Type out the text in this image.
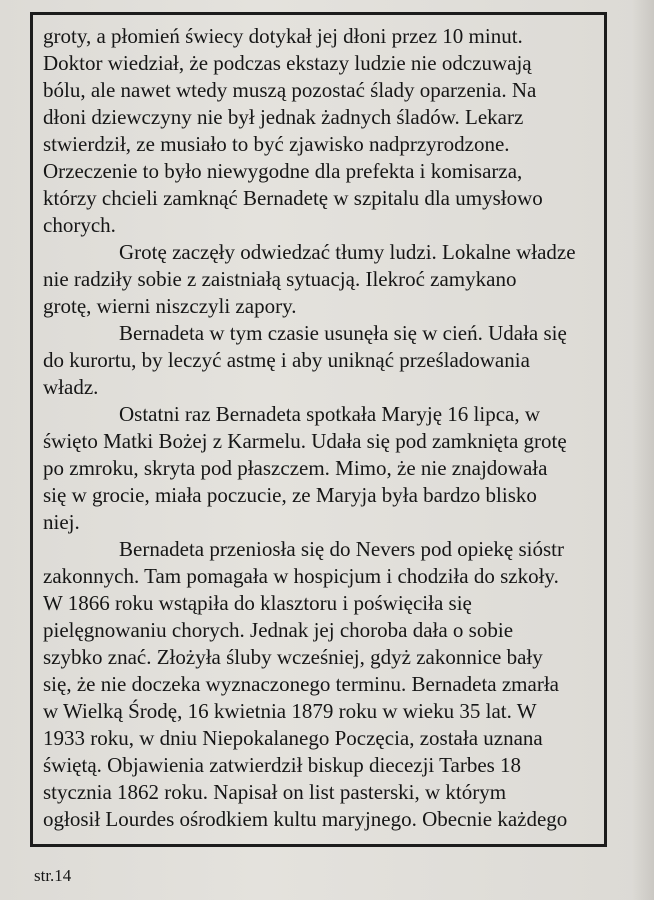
groty, a płomień świecy dotykał jej dłoni przez 10 minut.
Doktor wiedział, że podczas ekstazy ludzie nie odczuwają
bólu, ale nawet wtedy muszą pozostać ślady oparzenia. Na
dłoni dziewczyny nie był jednak żadnych śladów. Lekarz
stwierdził, ze musiało to być zjawisko nadprzyrodzone.
Orzeczenie to było niewygodne dla prefekta i komisarza,
którzy chcieli zamknąć Bernadetę w szpitalu dla umysłowo
chorych.

Grotę zaczęły odwiedzać tłumy ludzi. Lokalne władze
nie radziły sobie z zaistniałą sytuacją. Ilekroć zamykano
grotę, wierni niszczyli zapory.

Bernadeta w tym czasie usunęła się w cień. Udała się
do kurortu, by leczyć astmę i aby uniknąć prześladowania
władz.

Ostatni raz Bernadeta spotkała Maryję 16 lipca, w
święto Matki Bożej z Karmelu. Udała się pod zamknięta grotę
po zmroku, skryta pod płaszczem. Mimo, że nie znajdowała
się w grocie, miała poczucie, ze Maryja była bardzo blisko
niej.

Bernadeta przeniosła się do Nevers pod opiekę sióstr
zakonnych. Tam pomagała w hospicjum i chodziła do szkoły.
W 1866 roku wstąpiła do klasztoru i poświęciła się
pielęgnowaniu chorych. Jednak jej choroba dała o sobie
szybko znać. Złożyła śluby wcześniej, gdyż zakonnice bały
się, że nie doczeka wyznaczonego terminu. Bernadeta zmarła
w Wielką Środę, 16 kwietnia 1879 roku w wieku 35 lat. W
1933 roku, w dniu Niepokalanego Poczęcia, została uznana
świętą. Objawienia zatwierdził biskup diecezji Tarbes 18
stycznia 1862 roku. Napisał on list pasterski, w którym
ogłosił Lourdes ośrodkiem kultu maryjnego. Obecnie każdego

str.14
